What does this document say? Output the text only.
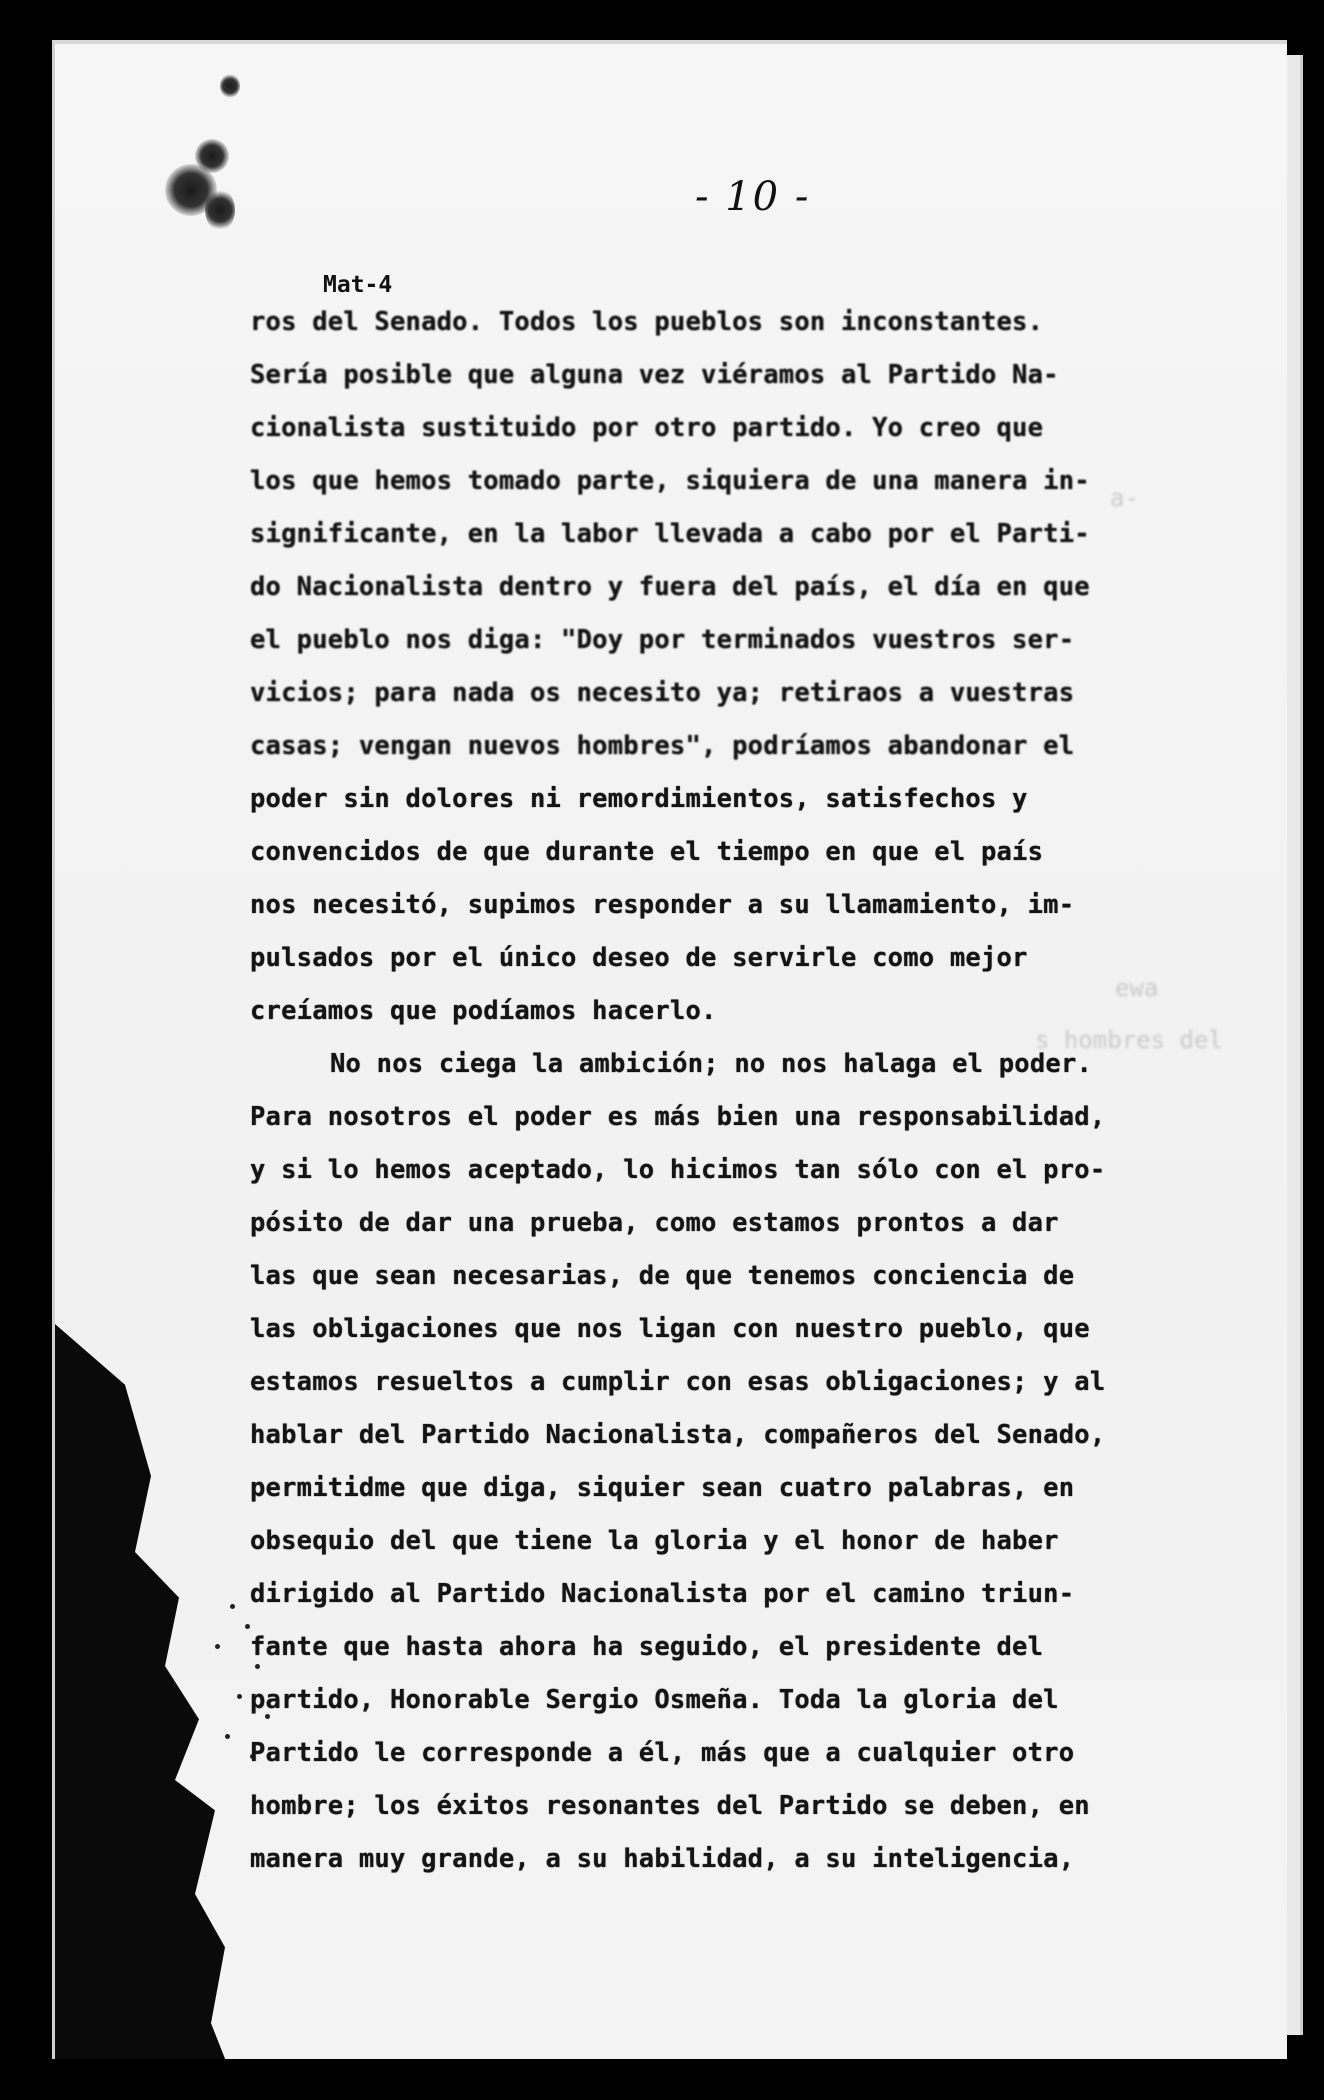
a-
ewa
s hombres del
- 10 -
Mat-4
ros del Senado. Todos los pueblos son inconstantes.
Sería posible que alguna vez viéramos al Partido Na-
cionalista sustituido por otro partido. Yo creo que
los que hemos tomado parte, siquiera de una manera in-
significante, en la labor llevada a cabo por el Parti-
do Nacionalista dentro y fuera del país, el día en que
el pueblo nos diga: "Doy por terminados vuestros ser-
vicios; para nada os necesito ya; retiraos a vuestras
casas; vengan nuevos hombres", podríamos abandonar el
poder sin dolores ni remordimientos, satisfechos y
convencidos de que durante el tiempo en que el país
nos necesitó, supimos responder a su llamamiento, im-
pulsados por el único deseo de servirle como mejor
creíamos que podíamos hacerlo.
No nos ciega la ambición; no nos halaga el poder.
Para nosotros el poder es más bien una responsabilidad,
y si lo hemos aceptado, lo hicimos tan sólo con el pro-
pósito de dar una prueba, como estamos prontos a dar
las que sean necesarias, de que tenemos conciencia de
las obligaciones que nos ligan con nuestro pueblo, que
estamos resueltos a cumplir con esas obligaciones; y al
hablar del Partido Nacionalista, compañeros del Senado,
permitidme que diga, siquier sean cuatro palabras, en
obsequio del que tiene la gloria y el honor de haber
dirigido al Partido Nacionalista por el camino triun-
fante que hasta ahora ha seguido, el presidente del
partido, Honorable Sergio Osmeña. Toda la gloria del
Partido le corresponde a él, más que a cualquier otro
hombre; los éxitos resonantes del Partido se deben, en
manera muy grande, a su habilidad, a su inteligencia,
